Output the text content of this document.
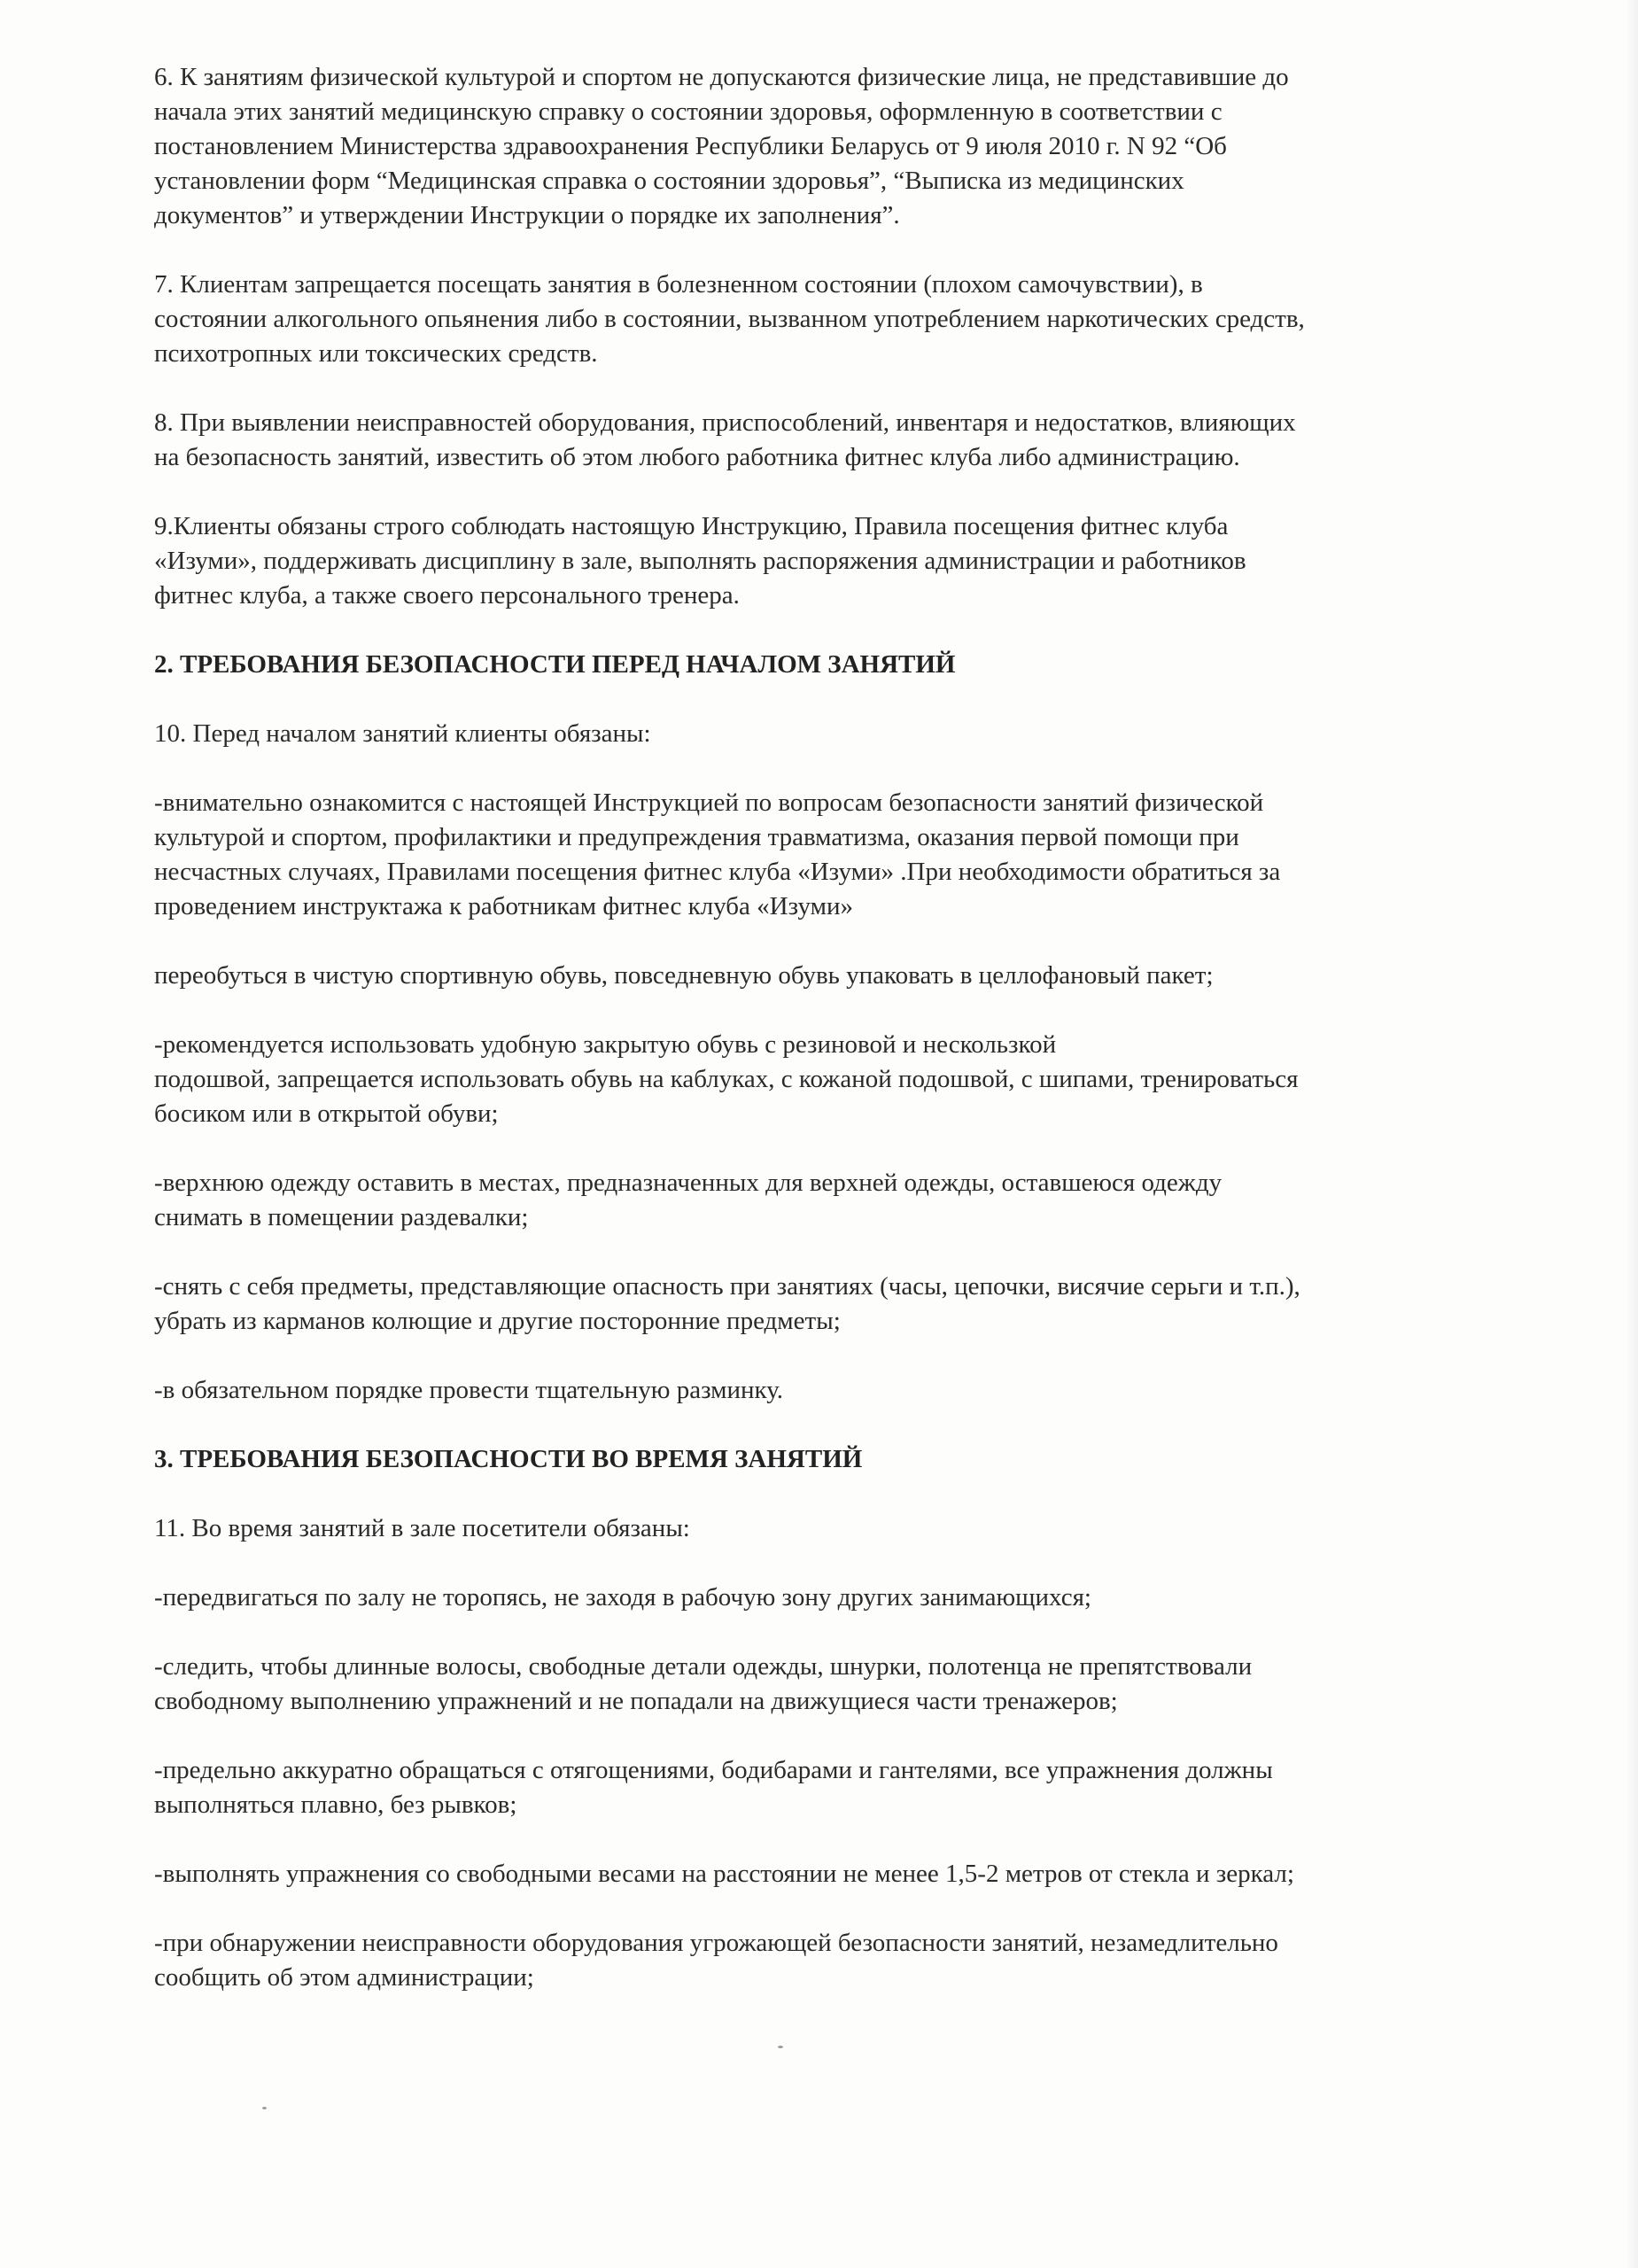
6. К занятиям физической культурой и спортом не допускаются физические лица, не представившие до
начала этих занятий медицинскую справку о состоянии здоровья, оформленную в соответствии с
постановлением Министерства здравоохранения Республики Беларусь от 9 июля 2010 г. N 92 “Об
установлении форм “Медицинская справка о состоянии здоровья”, “Выписка из медицинских
документов” и утверждении Инструкции о порядке их заполнения”.

7. Клиентам запрещается посещать занятия в болезненном состоянии (плохом самочувствии), в
состоянии алкогольного опьянения либо в состоянии, вызванном употреблением наркотических средств,
психотропных или токсических средств.

8. При выявлении неисправностей оборудования, приспособлений, инвентаря и недостатков, влияющих
на безопасность занятий, известить об этом любого работника фитнес клуба либо администрацию.

9.Клиенты обязаны строго соблюдать настоящую Инструкцию, Правила посещения фитнес клуба
«Изуми», поддерживать дисциплину в зале, выполнять распоряжения администрации и работников
фитнес клуба, а также своего персонального тренера.

2. ТРЕБОВАНИЯ БЕЗОПАСНОСТИ ПЕРЕД НАЧАЛОМ ЗАНЯТИЙ

10. Перед началом занятий клиенты обязаны:

-внимательно ознакомится с настоящей Инструкцией по вопросам безопасности занятий физической
культурой и спортом, профилактики и предупреждения травматизма, оказания первой помощи при
несчастных случаях, Правилами посещения фитнес клуба «Изуми» .При необходимости обратиться за
проведением инструктажа к работникам фитнес клуба «Изуми»

переобуться в чистую спортивную обувь, повседневную обувь упаковать в целлофановый пакет;

-рекомендуется использовать удобную закрытую обувь с резиновой и нескользкой
подошвой, запрещается использовать обувь на каблуках, с кожаной подошвой, с шипами, тренироваться
босиком или в открытой обуви;

-верхнюю одежду оставить в местах, предназначенных для верхней одежды, оставшеюся одежду
снимать в помещении раздевалки;

-снять с себя предметы, представляющие опасность при занятиях (часы, цепочки, висячие серьги и т.п.),
убрать из карманов колющие и другие посторонние предметы;

-в обязательном порядке провести тщательную разминку.

3. ТРЕБОВАНИЯ БЕЗОПАСНОСТИ ВО ВРЕМЯ ЗАНЯТИЙ

11. Во время занятий в зале посетители обязаны:

-передвигаться по залу не торопясь, не заходя в рабочую зону других занимающихся;

-следить, чтобы длинные волосы, свободные детали одежды, шнурки, полотенца не препятствовали
свободному выполнению упражнений и не попадали на движущиеся части тренажеров;

-предельно аккуратно обращаться с отягощениями, бодибарами и гантелями, все упражнения должны
выполняться плавно, без рывков;

-выполнять упражнения со свободными весами на расстоянии не менее 1,5-2 метров от стекла и зеркал;

-при обнаружении неисправности оборудования угрожающей безопасности занятий, незамедлительно
сообщить об этом администрации;
